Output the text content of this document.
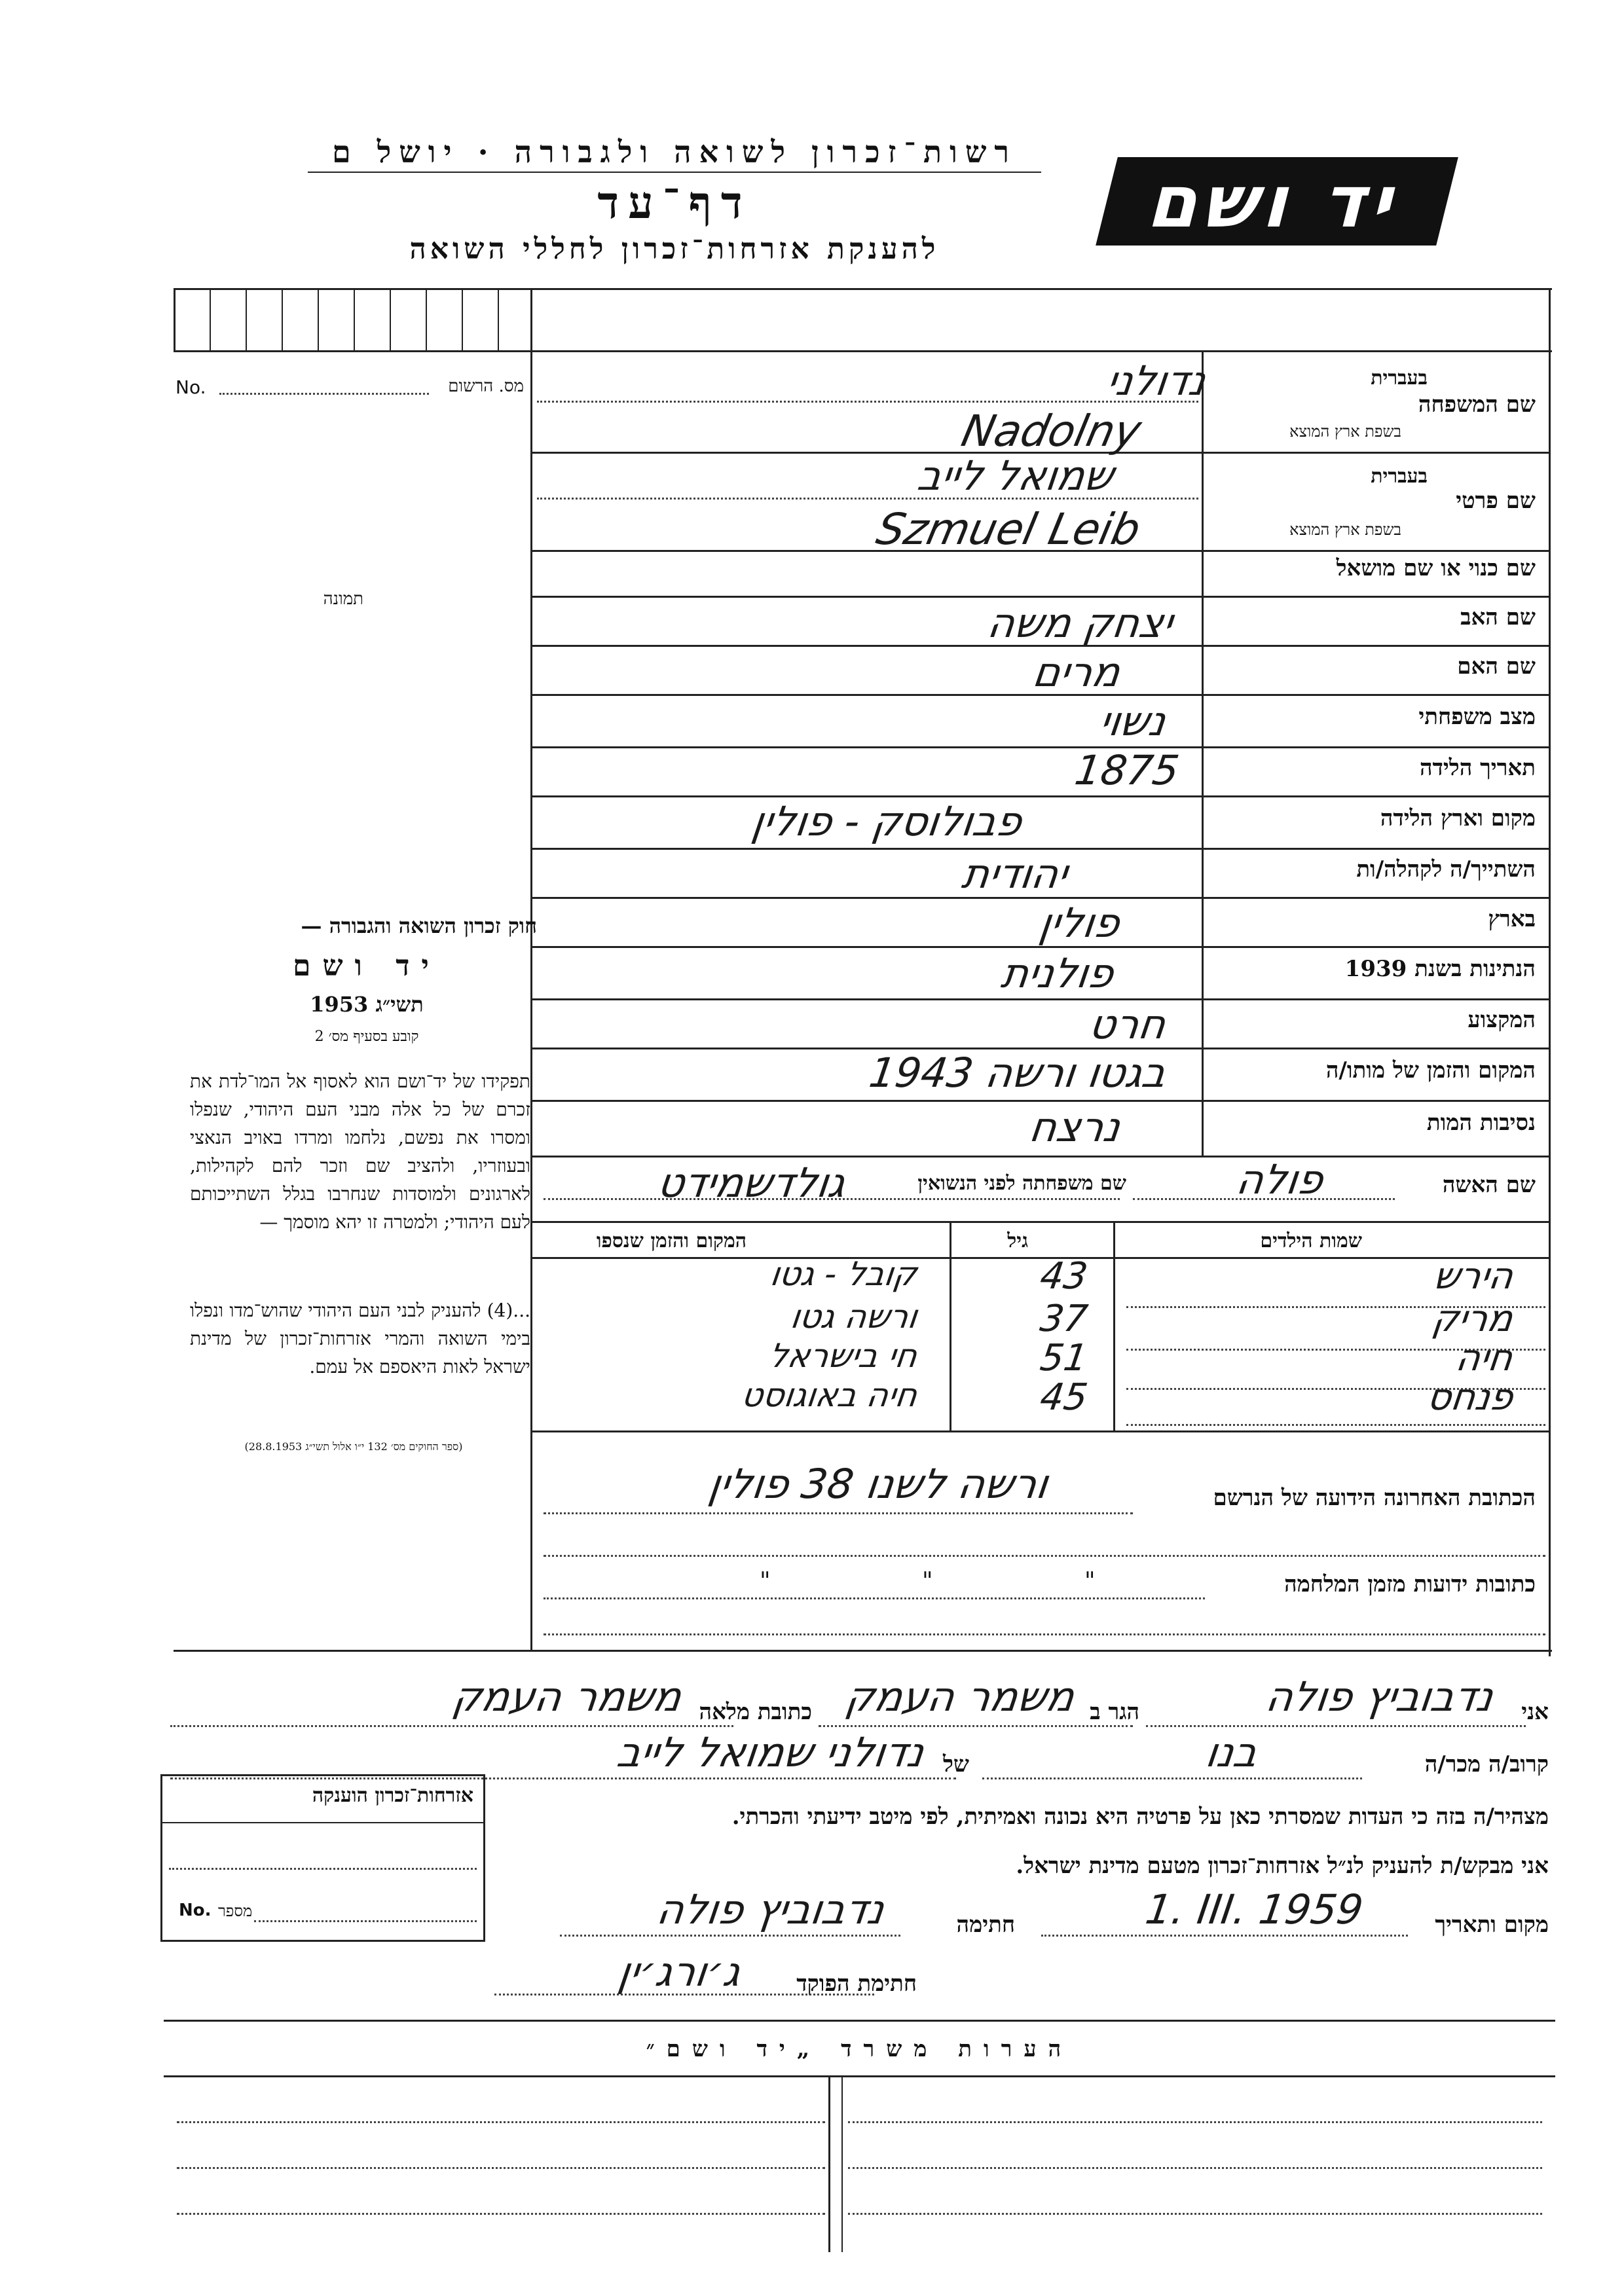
רשות־זכרון לשואה ולגבורה · יושל ם
דף־עד
להענקת אזרחות־זכרון לחללי השואה
יד ושם
מס. הרשום
No.
תמונה
שם המשפחה
בעברית
בשפת ארץ המוצא
נדולני
Nadolny
שם פרטי
בעברית
בשפת ארץ המוצא
שמואל לייב
Szmuel Leib
שם כנוי או שם מושאל
שם האב
יצחק משה
שם האם
מרים
מצב משפחתי
נשוי
תאריך הלידה
1875
מקום וארץ הלידה
פבולוסק - פולין
השתייך/ה לקהלה/ות
יהודית
בארץ
פולין
הנתינות בשנת 1939
פולנית
המקצוע
חרט
המקום והזמן של מותו/ה
בגטו ורשה 1943
נסיבות המות
נרצח
חוק זכרון השואה והגבורה —
יד ושם
תשי״ג 1953
קובע בסעיף מס׳ 2
תפקידו של יד־ושם הוא לאסוף אל המו־לדת את זכרם של כל אלה מבני העם היהודי, שנפלו ומסרו את נפשם, נלחמו ומרדו באויב הנאצי ובעוזריו, ולהציב שם וזכר להם לקהילות, לארגונים ולמוסדות שנחרבו בגלל השתייכותם לעם היהודי; ולמטרה זו יהא מוסמך —
...(4) להעניק לבני העם היהודי שהוש־מדו ונפלו בימי השואה והמרי אזרחות־זכרון של מדינת ישראל לאות היאספם אל עמם.
(ספר החוקים מס׳ 132 י״ו אלול תשי״ג 28.8.1953)
שם האשה
פולה
שם משפחתה לפני הנשואין
גולדשמידט
שמות הילדים
גיל
המקום והזמן שנספו
הירש
43
קובל - גטו
מריק
37
ורשה גטו
חיה
51
חי בישראל
פנחס
45
חיה באוגוסט
הכתובת האחרונה הידועה של הנרשם
ורשה לשנו 38 פולין
כתובות ידועות מזמן המלחמה
" " "
אני
נדבוביץ פולה
הגר ב
משמר העמק
כתובת מלאה
משמר העמק
קרוב/ה מכר/ה
בנו
של
נדולני שמואל לייב
מצהיר/ה בזה כי העדות שמסרתי כאן על פרטיה היא נכונה ואמיתית, לפי מיטב ידיעתי והכרתי.
אני מבקש/ת להעניק לנ״ל אזרחות־זכרון מטעם מדינת ישראל.
מקום ותאריך
1. III. 1959
חתימה
נדבוביץ פולה
חתימת הפוקד
ג׳ורג׳ין
אזרחות־זכרון הוענקה
No. מספר
הערות משרד „יד ושם״
